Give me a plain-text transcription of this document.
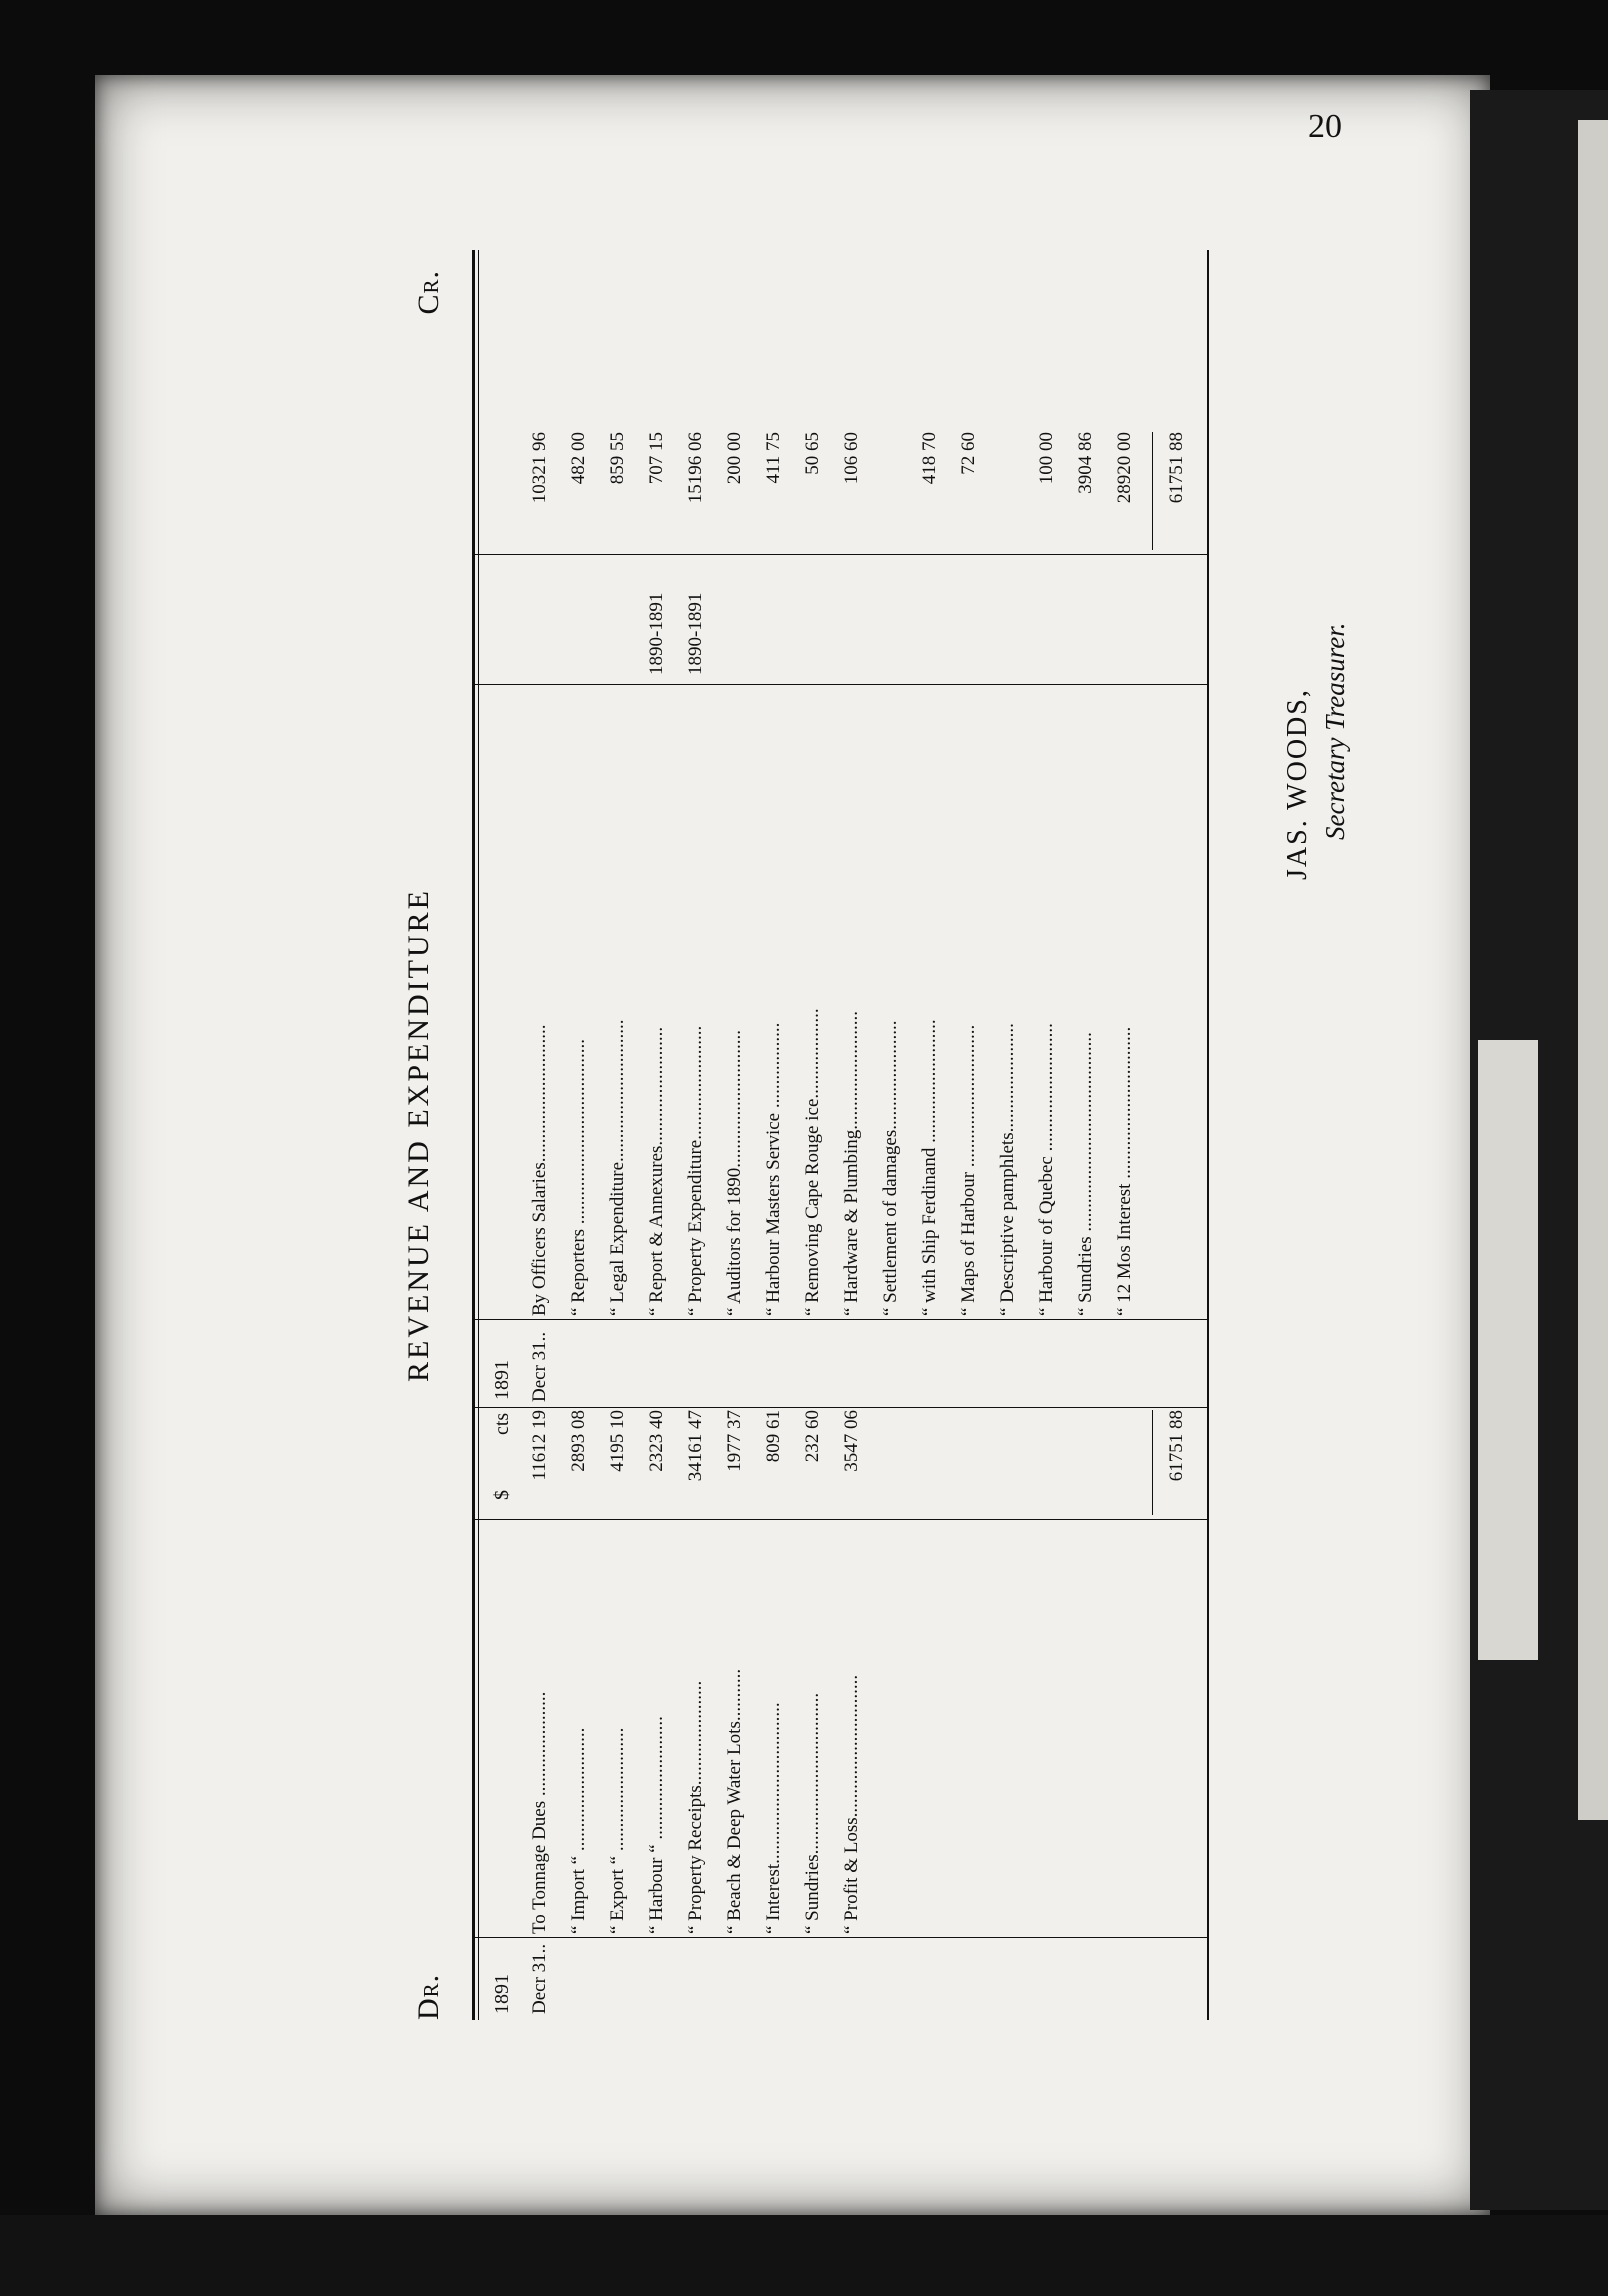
20
Dr.
REVENUE AND EXPENDITURE
Cr.
1891
$
cts
Decr 31..
To Tonnage Dues ......................
11612 19
“ Import “ ..........................
2893 08
“ Export “ ..........................
4195 10
“ Harbour “ ..........................
2323 40
“ Property Receipts......................
34161 47
“ Beach & Deep Water Lots...........
1977 37
“ Interest..................................
809 61
“ Sundries..................................
232 60
“ Profit & Loss..............................
3547 06	61751 88
1891 Decr 31..
By Officers Salaries.............................
10321 96
“ Reporters .......................................
482 00
“ Legal Expenditure..............................
859 55
“ Report & Annexures.........................
1890-1891
707 15
“ Property Expenditure........................
1890-1891
15196 06
“ Auditors for 1890.............................
200 00
“ Harbour Masters Service ..................
411 75
“ Removing Cape Rouge ice...................
50 65
“ Hardware & Plumbing.........................
106 60
“ Settlement of damages....................... “ with Ship Ferdinand ..........................
418 70
“ Maps of Harbour ..............................
72 60
“ Descriptive pamphlets....................... “ Harbour of Quebec ...........................
100 00
“ Sundries ..........................................
3904 86
“ 12 Mos Interest ................................
28920 00 61751 88
JAS. WOODS, Secretary Treasurer.
